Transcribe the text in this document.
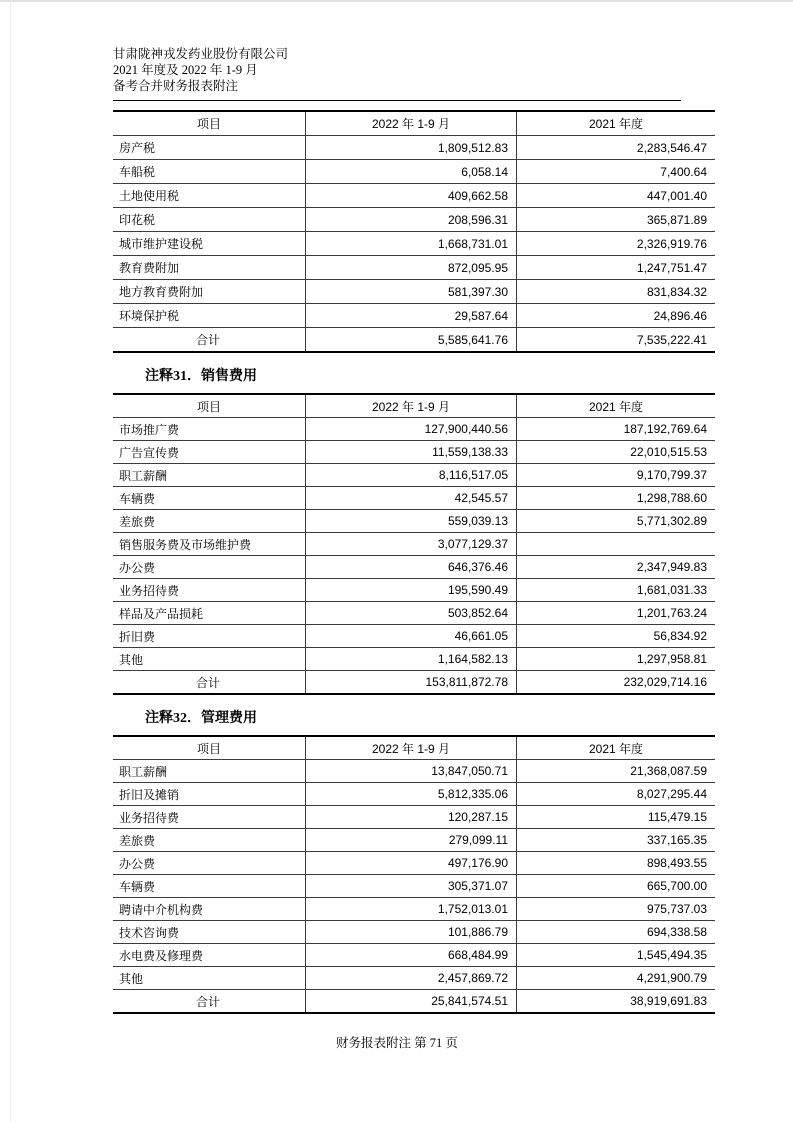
甘肃陇神戎发药业股份有限公司
2021 年度及 2022 年 1-9 月
备考合并财务报表附注
项目	2022 年 1-9 月	2021 年度
房产税	1,809,512.83	2,283,546.47
车船税	6,058.14	7,400.64
土地使用税	409,662.58	447,001.40
印花税	208,596.31	365,871.89
城市维护建设税	1,668,731.01	2,326,919.76
教育费附加	872,095.95	1,247,751.47
地方教育费附加	581,397.30	831,834.32
环境保护税	29,587.64	24,896.46
合计	5,585,641.76	7,535,222.41
注释31．销售费用
项目	2022 年 1-9 月	2021 年度
市场推广费	127,900,440.56	187,192,769.64
广告宣传费	11,559,138.33	22,010,515.53
职工薪酬	8,116,517.05	9,170,799.37
车辆费	42,545.57	1,298,788.60
差旅费	559,039.13	5,771,302.89
销售服务费及市场维护费	3,077,129.37	
办公费	646,376.46	2,347,949.83
业务招待费	195,590.49	1,681,031.33
样品及产品损耗	503,852.64	1,201,763.24
折旧费	46,661.05	56,834.92
其他	1,164,582.13	1,297,958.81
合计	153,811,872.78	232,029,714.16
注释32．管理费用
项目	2022 年 1-9 月	2021 年度
职工薪酬	13,847,050.71	21,368,087.59
折旧及摊销	5,812,335.06	8,027,295.44
业务招待费	120,287.15	115,479.15
差旅费	279,099.11	337,165.35
办公费	497,176.90	898,493.55
车辆费	305,371.07	665,700.00
聘请中介机构费	1,752,013.01	975,737.03
技术咨询费	101,886.79	694,338.58
水电费及修理费	668,484.99	1,545,494.35
其他	2,457,869.72	4,291,900.79
合计	25,841,574.51	38,919,691.83
财务报表附注 第 71 页
